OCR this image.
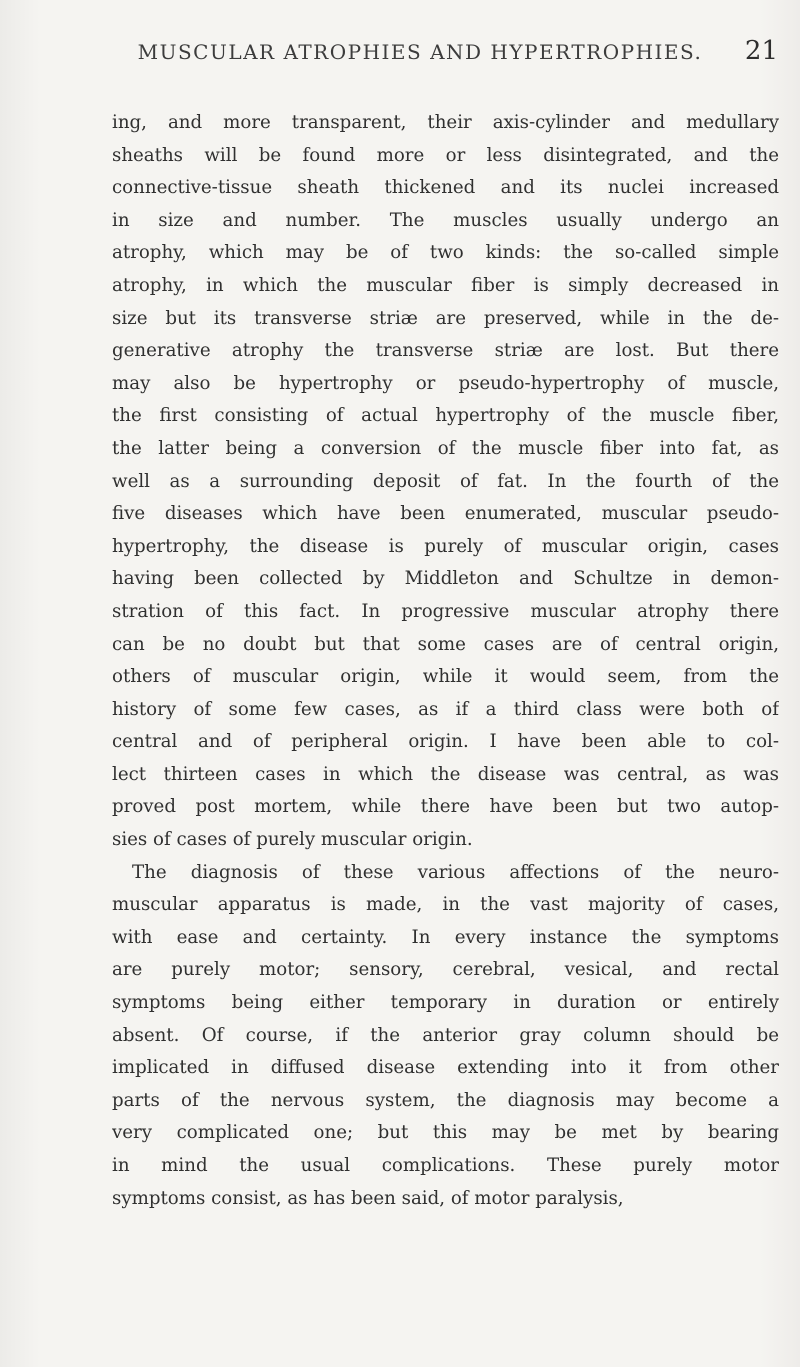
MUSCULAR ATROPHIES AND HYPERTROPHIES.	21
ing, and more transparent, their axis-cylinder and medullary
sheaths will be found more or less disintegrated, and the
connective-tissue sheath thickened and its nuclei increased
in size and number. The muscles usually undergo an
atrophy, which may be of two kinds: the so-called simple
atrophy, in which the muscular fiber is simply decreased in
size but its transverse striæ are preserved, while in the de-
generative atrophy the transverse striæ are lost. But there
may also be hypertrophy or pseudo-hypertrophy of muscle,
the first consisting of actual hypertrophy of the muscle fiber,
the latter being a conversion of the muscle fiber into fat, as
well as a surrounding deposit of fat. In the fourth of the
five diseases which have been enumerated, muscular pseudo-
hypertrophy, the disease is purely of muscular origin, cases
having been collected by Middleton and Schultze in demon-
stration of this fact. In progressive muscular atrophy there
can be no doubt but that some cases are of central origin,
others of muscular origin, while it would seem, from the
history of some few cases, as if a third class were both of
central and of peripheral origin. I have been able to col-
lect thirteen cases in which the disease was central, as was
proved post mortem, while there have been but two autop-
sies of cases of purely muscular origin.
The diagnosis of these various affections of the neuro-
muscular apparatus is made, in the vast majority of cases,
with ease and certainty. In every instance the symptoms
are purely motor; sensory, cerebral, vesical, and rectal
symptoms being either temporary in duration or entirely
absent. Of course, if the anterior gray column should be
implicated in diffused disease extending into it from other
parts of the nervous system, the diagnosis may become a
very complicated one; but this may be met by bearing
in mind the usual complications. These purely motor
symptoms consist, as has been said, of motor paralysis,
